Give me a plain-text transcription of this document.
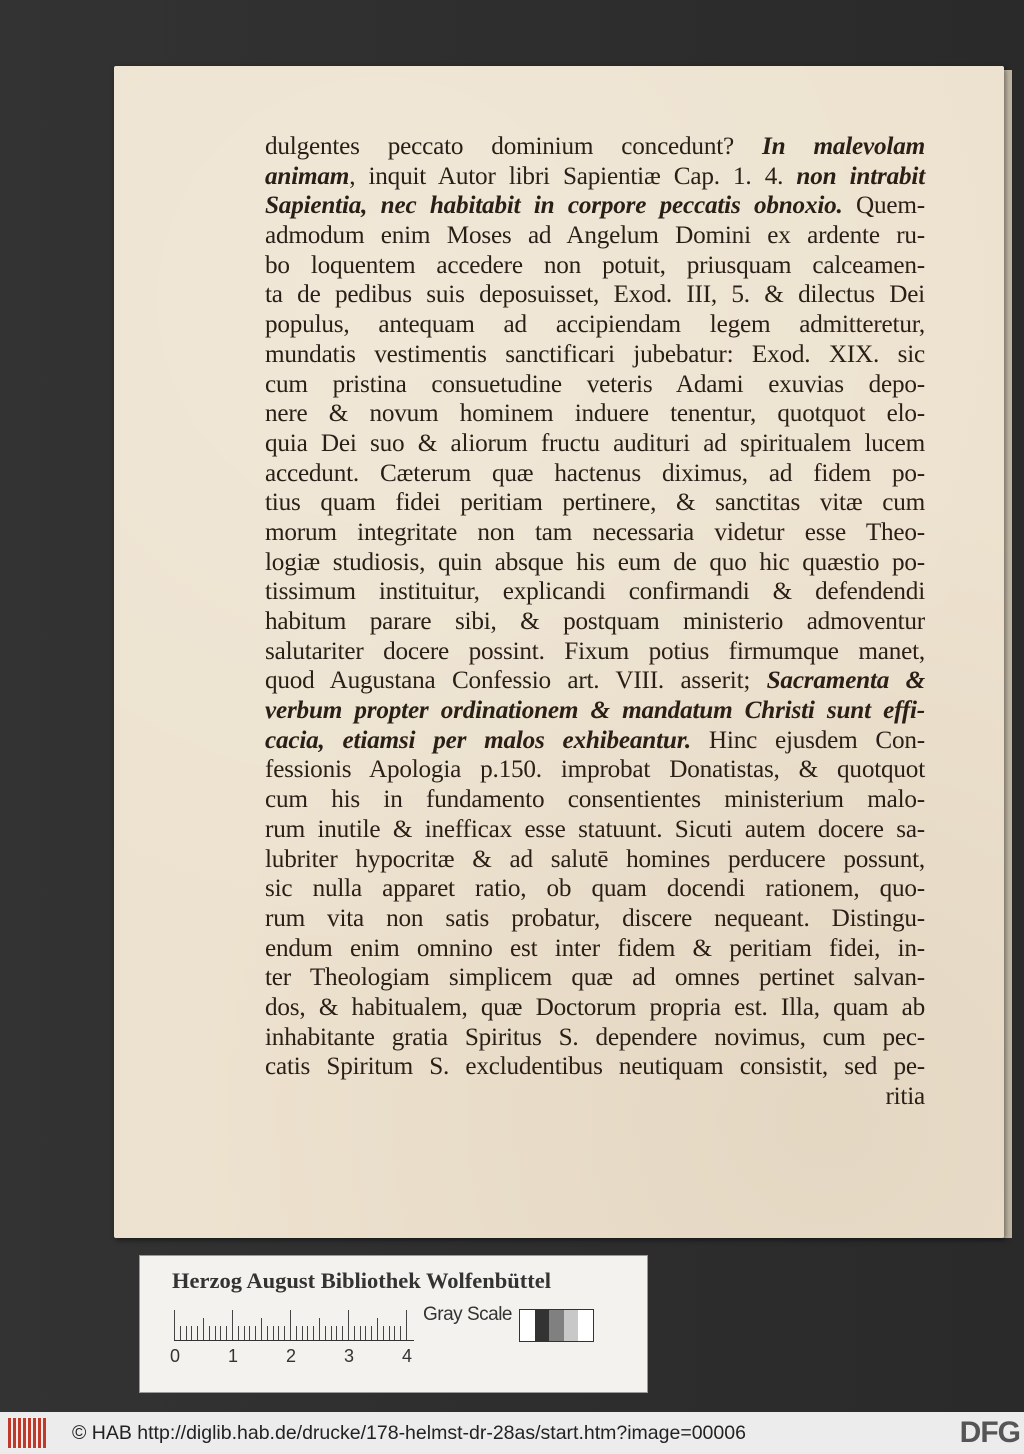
dulgentes peccato dominium concedunt? In malevolam
animam, inquit Autor libri Sapientiæ Cap. 1. 4. non intrabit
Sapientia, nec habitabit in corpore peccatis obnoxio. Quem-
admodum enim Moses ad Angelum Domini ex ardente ru-
bo loquentem accedere non potuit, priusquam calceamen-
ta de pedibus suis deposuisset, Exod. III, 5. & dilectus Dei
populus, antequam ad accipiendam legem admitteretur,
mundatis vestimentis sanctificari jubebatur: Exod. XIX. sic
cum pristina consuetudine veteris Adami exuvias depo-
nere & novum hominem induere tenentur, quotquot elo-
quia Dei suo & aliorum fructu audituri ad spiritualem lucem
accedunt. Cæterum quæ hactenus diximus, ad fidem po-
tius quam fidei peritiam pertinere, & sanctitas vitæ cum
morum integritate non tam necessaria videtur esse Theo-
logiæ studiosis, quin absque his eum de quo hic quæstio po-
tissimum instituitur, explicandi confirmandi & defendendi
habitum parare sibi, & postquam ministerio admoventur
salutariter docere possint. Fixum potius firmumque manet,
quod Augustana Confessio art. VIII. asserit; Sacramenta &
verbum propter ordinationem & mandatum Christi sunt effi-
cacia, etiamsi per malos exhibeantur. Hinc ejusdem Con-
fessionis Apologia p.150. improbat Donatistas, & quotquot
cum his in fundamento consentientes ministerium malo-
rum inutile & inefficax esse statuunt. Sicuti autem docere sa-
lubriter hypocritæ & ad salutē homines perducere possunt,
sic nulla apparet ratio, ob quam docendi rationem, quo-
rum vita non satis probatur, discere nequeant. Distingu-
endum enim omnino est inter fidem & peritiam fidei, in-
ter Theologiam simplicem quæ ad omnes pertinet salvan-
dos, & habitualem, quæ Doctorum propria est. Illa, quam ab
inhabitante gratia Spiritus S. dependere novimus, cum pec-
catis Spiritum S. excludentibus neutiquam consistit, sed pe-
ritia
Herzog August Bibliothek Wolfenbüttel
0	1	2	3	4
Gray Scale
© HAB http://diglib.hab.de/drucke/178-helmst-dr-28as/start.htm?image=00006	DFG
